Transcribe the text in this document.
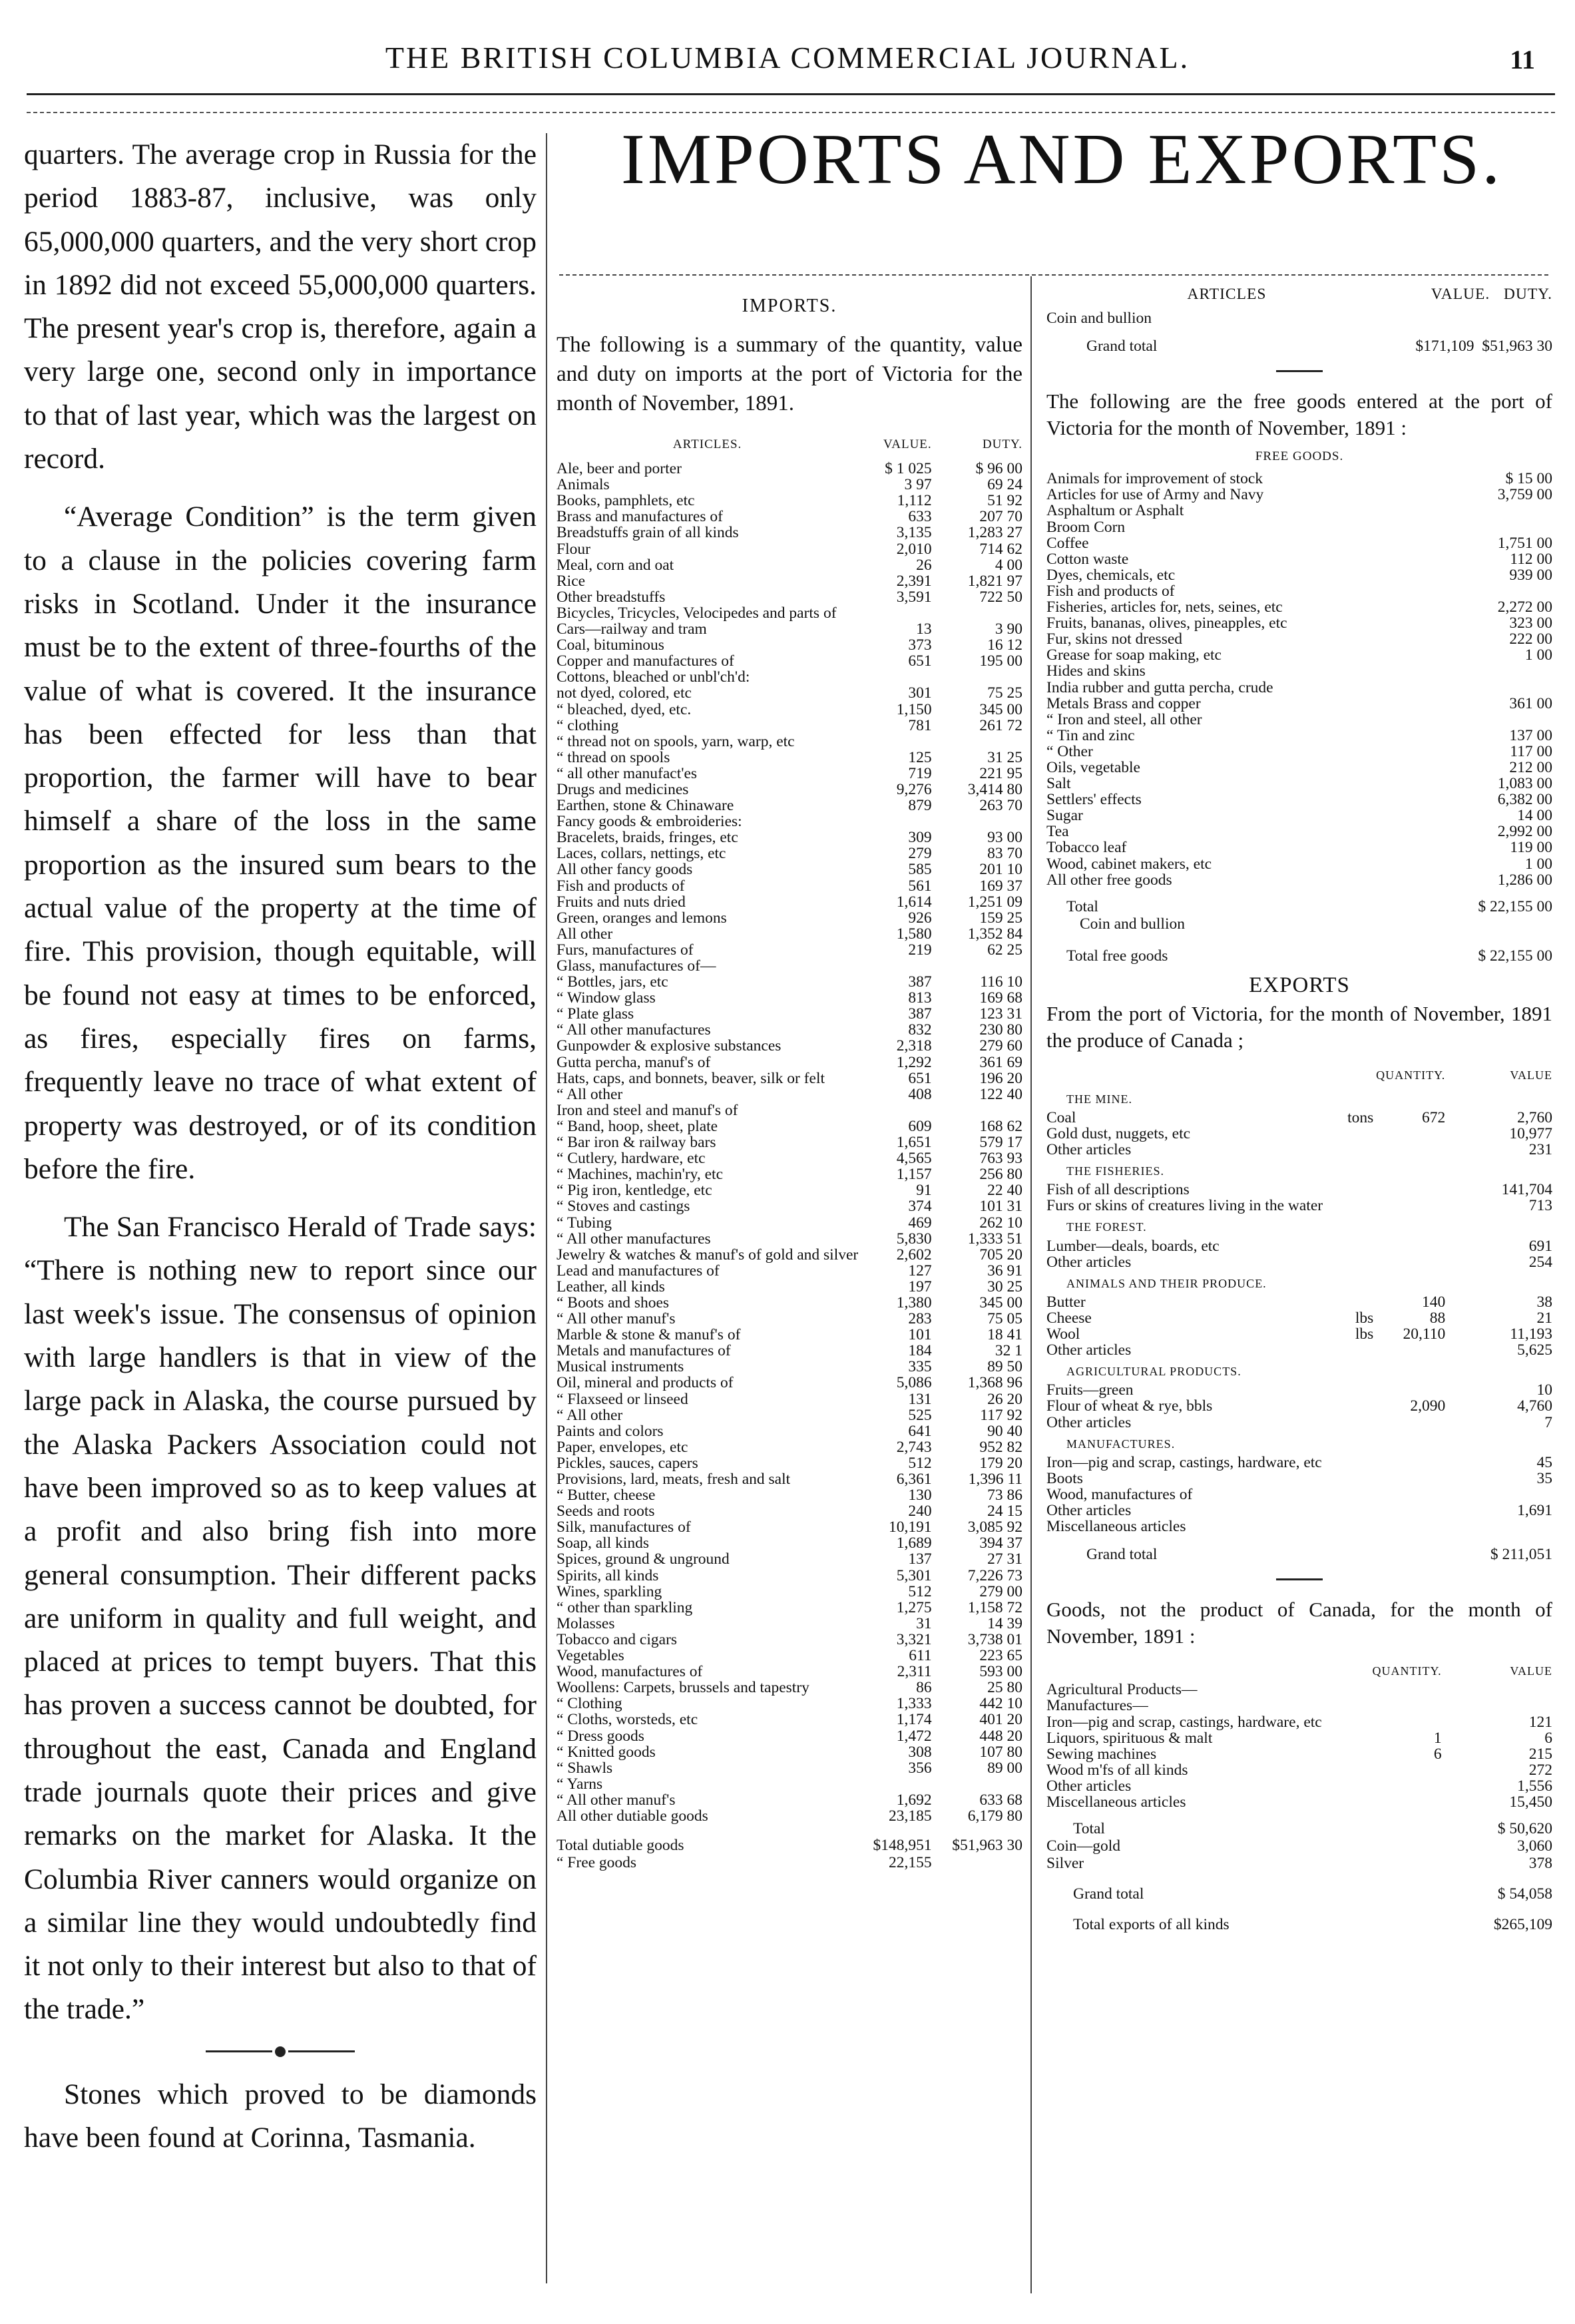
THE BRITISH COLUMBIA COMMERCIAL JOURNAL.	11

quarters. The average crop in Russia for the period 1883-87, inclusive, was only 65,000,000 quarters, and the very short crop in 1892 did not exceed 55,000,000 quarters. The present year's crop is, therefore, again a very large one, second only in importance to that of last year, which was the largest on record.

“Average Condition” is the term given to a clause in the policies covering farm risks in Scotland. Under it the insurance must be to the extent of three-fourths of the value of what is covered. It the insurance has been effected for less than that proportion, the farmer will have to bear himself a share of the loss in the same proportion as the insured sum bears to the actual value of the property at the time of fire. This provision, though equitable, will be found not easy at times to be enforced, as fires, especially fires on farms, frequently leave no trace of what extent of property was destroyed, or of its condition before the fire.

The San Francisco Herald of Trade says: “There is nothing new to report since our last week's issue. The consensus of opinion with large handlers is that in view of the large pack in Alaska, the course pursued by the Alaska Packers Association could not have been improved so as to keep values at a profit and also bring fish into more general consumption. Their different packs are uniform in quality and full weight, and placed at prices to tempt buyers. That this has proven a success cannot be doubted, for throughout the east, Canada and England trade journals quote their prices and give remarks on the market for Alaska. It the Columbia River canners would organize on a similar line they would undoubtedly find it not only to their interest but also to that of the trade.”

Stones which proved to be diamonds have been found at Corinna, Tasmania.

IMPORTS AND EXPORTS.
IMPORTS.

The following is a summary of the quantity, value and duty on imports at the port of Victoria for the month of November, 1891.

ARTICLES.	VALUE.	DUTY.
Ale, beer and porter	$ 1 025	$ 96 00
Animals	3 97	69 24
Books, pamphlets, etc	1,112	51 92
Brass and manufactures of	633	207 70
Breadstuffs grain of all kinds	3,135	1,283 27
Flour	2,010	714 62
Meal, corn and oat	26	4 00
Rice	2,391	1,821 97
Other breadstuffs	3,591	722 50
Bicycles, Tricycles, Velocipedes and parts of		
Cars—railway and tram	13	3 90
Coal, bituminous	373	16 12
Copper and manufactures of	651	195 00
Cottons, bleached or unbl'ch'd:		
not dyed, colored, etc	301	75 25
“ bleached, dyed, etc.	1,150	345 00
“ clothing	781	261 72
“ thread not on spools, yarn, warp, etc		
“ thread on spools	125	31 25
“ all other manufact'es	719	221 95
Drugs and medicines	9,276	3,414 80
Earthen, stone & Chinaware	879	263 70
Fancy goods & embroideries:		
Bracelets, braids, fringes, etc	309	93 00
Laces, collars, nettings, etc	279	83 70
All other fancy goods	585	201 10
Fish and products of	561	169 37
Fruits and nuts dried	1,614	1,251 09
Green, oranges and lemons	926	159 25
All other	1,580	1,352 84
Furs, manufactures of	219	62 25
Glass, manufactures of—		
“ Bottles, jars, etc	387	116 10
“ Window glass	813	169 68
“ Plate glass	387	123 31
“ All other manufactures	832	230 80
Gunpowder & explosive substances	2,318	279 60
Gutta percha, manuf's of	1,292	361 69
Hats, caps, and bonnets, beaver, silk or felt	651	196 20
“ All other	408	122 40
Iron and steel and manuf's of		
“ Band, hoop, sheet, plate	609	168 62
“ Bar iron & railway bars	1,651	579 17
“ Cutlery, hardware, etc	4,565	763 93
“ Machines, machin'ry, etc	1,157	256 80
“ Pig iron, kentledge, etc	91	22 40
“ Stoves and castings	374	101 31
“ Tubing	469	262 10
“ All other manufactures	5,830	1,333 51
Jewelry & watches & manuf's of gold and silver	2,602	705 20
Lead and manufactures of	127	36 91
Leather, all kinds	197	30 25
“ Boots and shoes	1,380	345 00
“ All other manuf's	283	75 05
Marble & stone & manuf's of	101	18 41
Metals and manufactures of	184	32 1
Musical instruments	335	89 50
Oil, mineral and products of	5,086	1,368 96
“ Flaxseed or linseed	131	26 20
“ All other	525	117 92
Paints and colors	641	90 40
Paper, envelopes, etc	2,743	952 82
Pickles, sauces, capers	512	179 20
Provisions, lard, meats, fresh and salt	6,361	1,396 11
“ Butter, cheese	130	73 86
Seeds and roots	240	24 15
Silk, manufactures of	10,191	3,085 92
Soap, all kinds	1,689	394 37
Spices, ground & unground	137	27 31
Spirits, all kinds	5,301	7,226 73
Wines, sparkling	512	279 00
“ other than sparkling	1,275	1,158 72
Molasses	31	14 39
Tobacco and cigars	3,321	3,738 01
Vegetables	611	223 65
Wood, manufactures of	2,311	593 00
Woollens: Carpets, brussels and tapestry	86	25 80
“ Clothing	1,333	442 10
“ Cloths, worsteds, etc	1,174	401 20
“ Dress goods	1,472	448 20
“ Knitted goods	308	107 80
“ Shawls	356	89 00
“ Yarns		
“ All other manuf's	1,692	633 68
All other dutiable goods	23,185	6,179 80
Total dutiable goods	$148,951	$51,963 30
“ Free goods	22,155	
ARTICLES	VALUE. DUTY.
Coin and bullion	
Grand total	$171,109 $51,963 30

The following are the free goods entered at the port of Victoria for the month of November, 1891 :

FREE GOODS.
Animals for improvement of stock	$ 15 00
Articles for use of Army and Navy	3,759 00
Asphaltum or Asphalt	
Broom Corn	
Coffee	1,751 00
Cotton waste	112 00
Dyes, chemicals, etc	939 00
Fish and products of	
Fisheries, articles for, nets, seines, etc	2,272 00
Fruits, bananas, olives, pineapples, etc	323 00
Fur, skins not dressed	222 00
Grease for soap making, etc	1 00
Hides and skins	
India rubber and gutta percha, crude	
Metals Brass and copper	361 00
“ Iron and steel, all other	
“ Tin and zinc	137 00
“ Other	117 00
Oils, vegetable	212 00
Salt	1,083 00
Settlers' effects	6,382 00
Sugar	14 00
Tea	2,992 00
Tobacco leaf	119 00
Wood, cabinet makers, etc	1 00
All other free goods	1,286 00
Total	$ 22,155 00
Coin and bullion	
Total free goods	$ 22,155 00
EXPORTS

From the port of Victoria, for the month of November, 1891 the produce of Canada ;

	QUANTITY.	VALUE
THE MINE.		
Coal tons	672	2,760
Gold dust, nuggets, etc		10,977
Other articles		231
THE FISHERIES.		
Fish of all descriptions		141,704
Furs or skins of creatures living in the water		713
THE FOREST.		
Lumber—deals, boards, etc		691
Other articles		254
ANIMALS AND THEIR PRODUCE.		
Butter	140	38
Cheese lbs	88	21
Wool lbs	20,110	11,193
Other articles		5,625
AGRICULTURAL PRODUCTS.		
Fruits—green		10
Flour of wheat & rye, bbls	2,090	4,760
Other articles		7
MANUFACTURES.		
Iron—pig and scrap, castings, hardware, etc		45
Boots		35
Wood, manufactures of		
Other articles		1,691
Miscellaneous articles		
Grand total		$ 211,051

Goods, not the product of Canada, for the month of November, 1891 :

	QUANTITY.	VALUE
Agricultural Products—		
Manufactures—		
Iron—pig and scrap, castings, hardware, etc		121
Liquors, spirituous & malt	1	6
Sewing machines	6	215
Wood m'fs of all kinds		272
Other articles		1,556
Miscellaneous articles		15,450
Total		$ 50,620
Coin—gold		3,060
Silver		378
Grand total		$ 54,058
Total exports of all kinds		$265,109
